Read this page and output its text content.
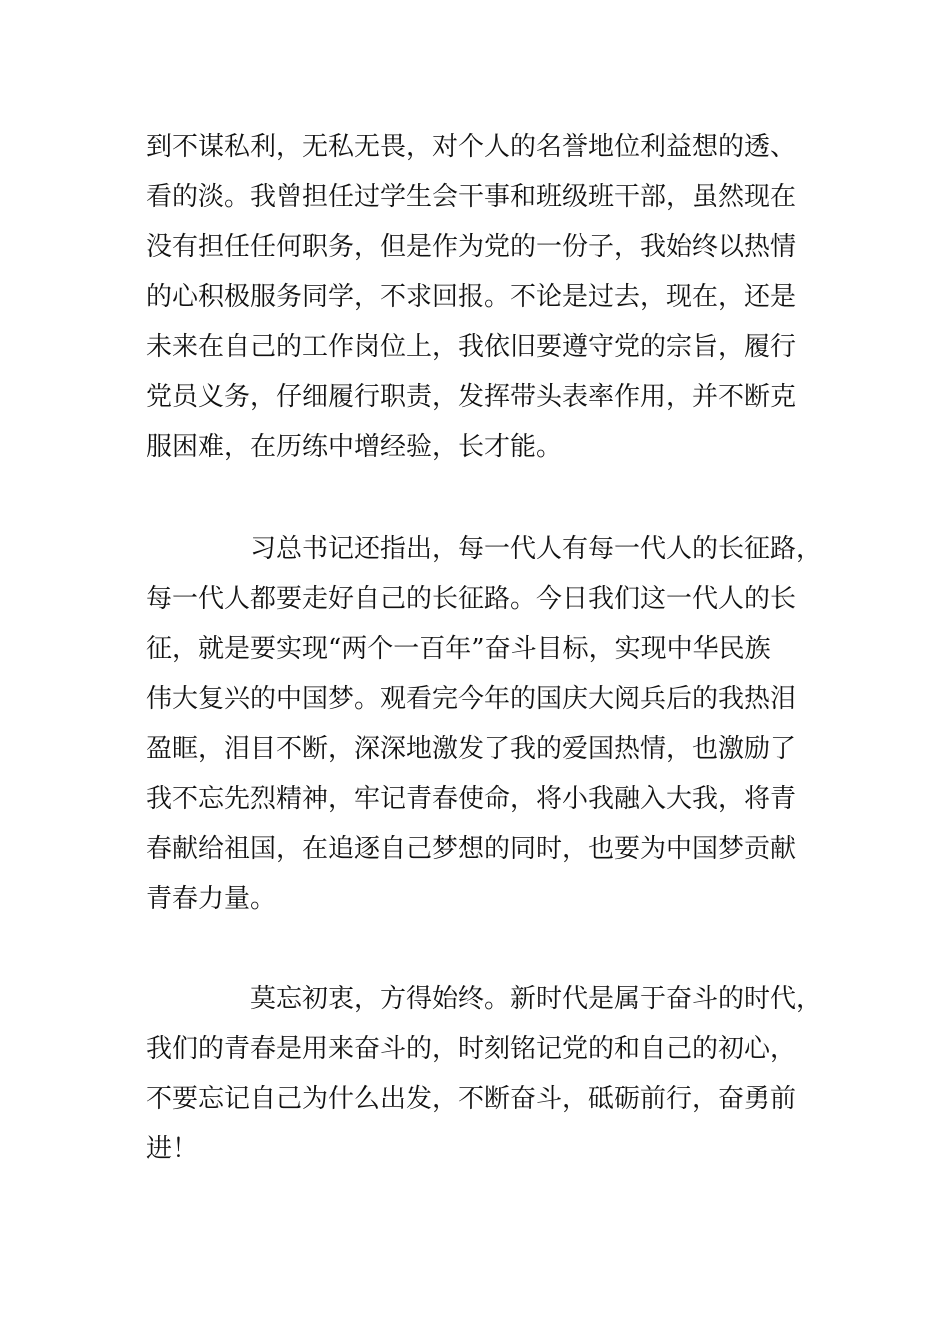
到不谋私利，无私无畏，对个人的名誉地位利益想的透、
看的淡。我曾担任过学生会干事和班级班干部，虽然现在
没有担任任何职务，但是作为党的一份子，我始终以热情
的心积极服务同学，不求回报。不论是过去，现在，还是
未来在自己的工作岗位上，我依旧要遵守党的宗旨，履行
党员义务，仔细履行职责，发挥带头表率作用，并不断克
服困难，在历练中增经验，长才能。
习总书记还指出，每一代人有每一代人的长征路，
每一代人都要走好自己的长征路。今日我们这一代人的长
征，就是要实现“两个一百年”奋斗目标，实现中华民族
伟大复兴的中国梦。观看完今年的国庆大阅兵后的我热泪
盈眶，泪目不断，深深地激发了我的爱国热情，也激励了
我不忘先烈精神，牢记青春使命，将小我融入大我，将青
春献给祖国，在追逐自己梦想的同时，也要为中国梦贡献
青春力量。
莫忘初衷，方得始终。新时代是属于奋斗的时代，
我们的青春是用来奋斗的，时刻铭记党的和自己的初心，
不要忘记自己为什么出发，不断奋斗，砥砺前行，奋勇前
进！
